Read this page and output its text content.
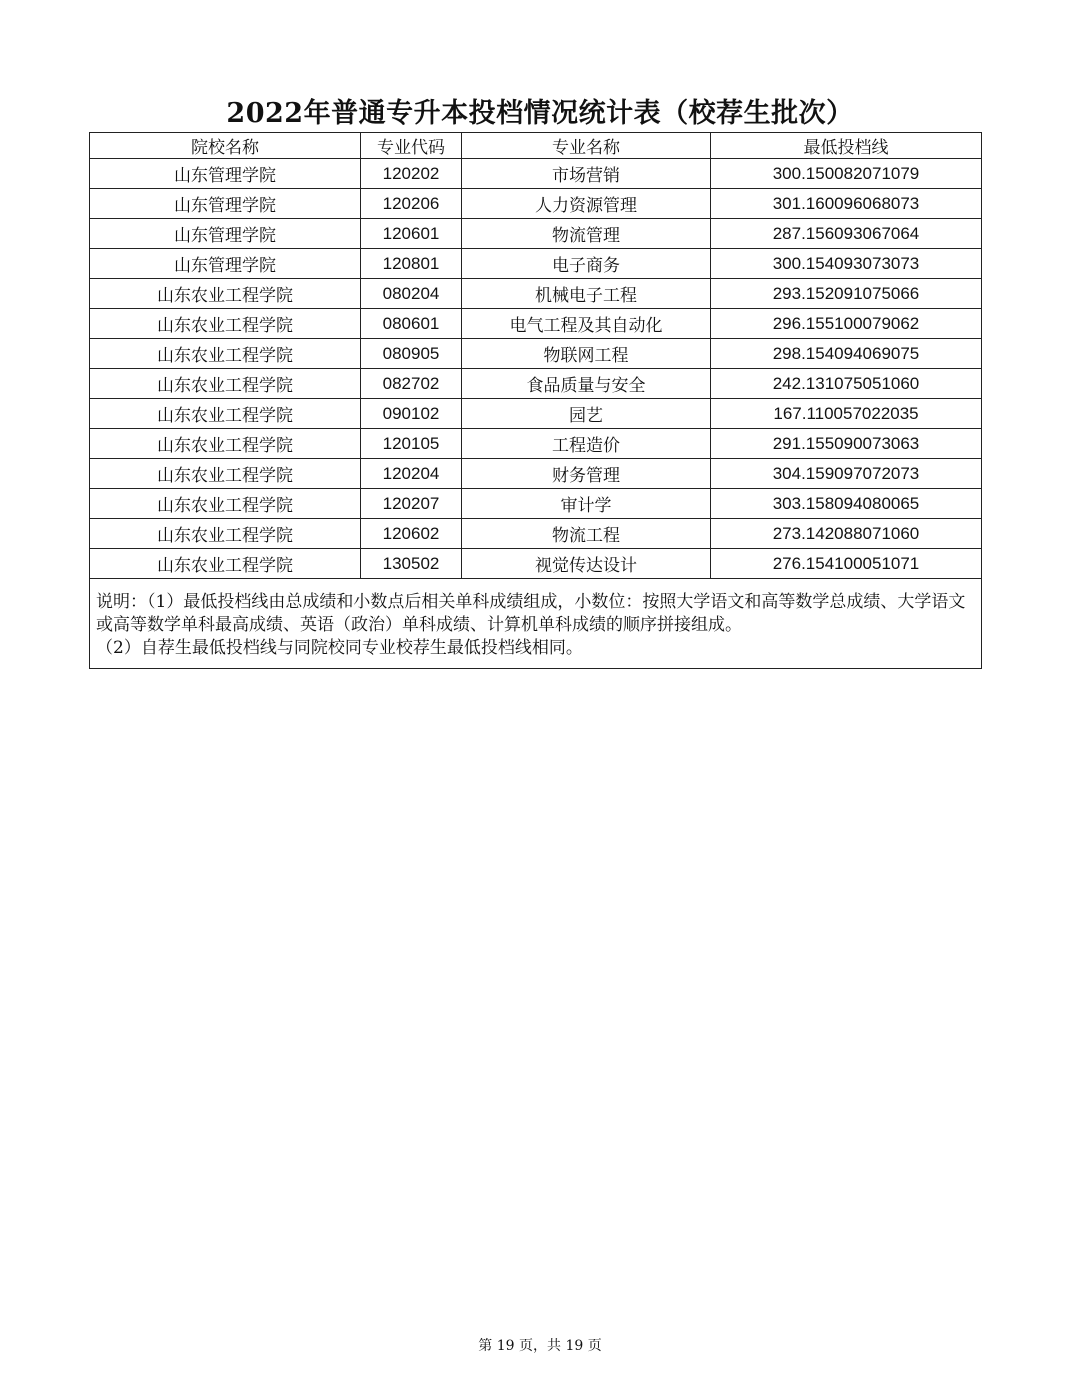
2022年普通专升本投档情况统计表（校荐生批次）
院校名称	专业代码	专业名称	最低投档线
山东管理学院	120202	市场营销	300.150082071079
山东管理学院	120206	人力资源管理	301.160096068073
山东管理学院	120601	物流管理	287.156093067064
山东管理学院	120801	电子商务	300.154093073073
山东农业工程学院	080204	机械电子工程	293.152091075066
山东农业工程学院	080601	电气工程及其自动化	296.155100079062
山东农业工程学院	080905	物联网工程	298.154094069075
山东农业工程学院	082702	食品质量与安全	242.131075051060
山东农业工程学院	090102	园艺	167.110057022035
山东农业工程学院	120105	工程造价	291.155090073063
山东农业工程学院	120204	财务管理	304.159097072073
山东农业工程学院	120207	审计学	303.158094080065
山东农业工程学院	120602	物流工程	273.142088071060
山东农业工程学院	130502	视觉传达设计	276.154100051071

说明：（1）最低投档线由总成绩和小数点后相关单科成绩组成，小数位：按照大学语文和高等数学总成绩、大学语文或高等数学单科最高成绩、英语（政治）单科成绩、计算机单科成绩的顺序拼接组成。
（2）自荐生最低投档线与同院校同专业校荐生最低投档线相同。			
第 19 页，共 19 页
